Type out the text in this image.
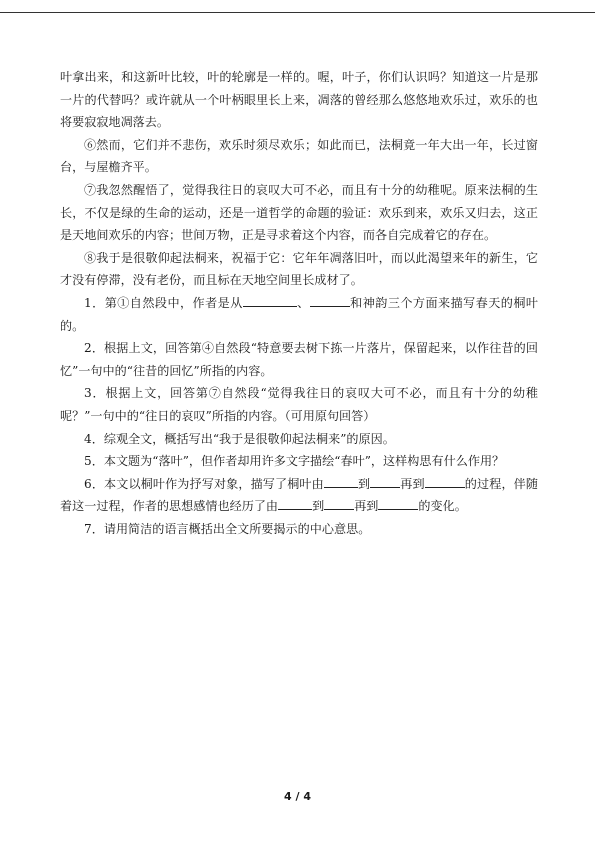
叶拿出来，和这新叶比较，叶的轮廓是一样的。喔，叶子，你们认识吗？知道这一片是那一片的代替吗？或许就从一个叶柄眼里长上来，凋落的曾经那么悠悠地欢乐过，欢乐的也将要寂寂地凋落去。

⑥然而，它们并不悲伤，欢乐时须尽欢乐；如此而已，法桐竟一年大出一年，长过窗台，与屋檐齐平。

⑦我忽然醒悟了，觉得我往日的哀叹大可不必，而且有十分的幼稚呢。原来法桐的生长，不仅是绿的生命的运动，还是一道哲学的命题的验证：欢乐到来，欢乐又归去，这正是天地间欢乐的内容；世间万物，正是寻求着这个内容，而各自完成着它的存在。

⑧我于是很敬仰起法桐来，祝福于它：它年年凋落旧叶，而以此渴望来年的新生，它才没有停滞，没有老份，而且标在天地空间里长成材了。

1．第①自然段中，作者是从	、	和神韵三个方面来描写春天的桐叶的。

2．根据上文，回答第④自然段“特意要去树下拣一片落片，保留起来，以作往昔的回忆”一句中的“往昔的回忆”所指的内容。

3．根据上文，回答第⑦自然段“觉得我往日的哀叹大可不必，而且有十分的幼稚呢？”一句中的“往日的哀叹”所指的内容。（可用原句回答）

4．综观全文，概括写出“我于是很敬仰起法桐来”的原因。

5．本文题为“落叶”，但作者却用许多文字描绘“春叶”，这样构思有什么作用？

6．本文以桐叶作为抒写对象，描写了桐叶由	到 再到	的过程，伴随着这一过程，作者的思想感情也经历了由	到 再到	的变化。

7．请用简洁的语言概括出全文所要揭示的中心意思。

4 / 4
